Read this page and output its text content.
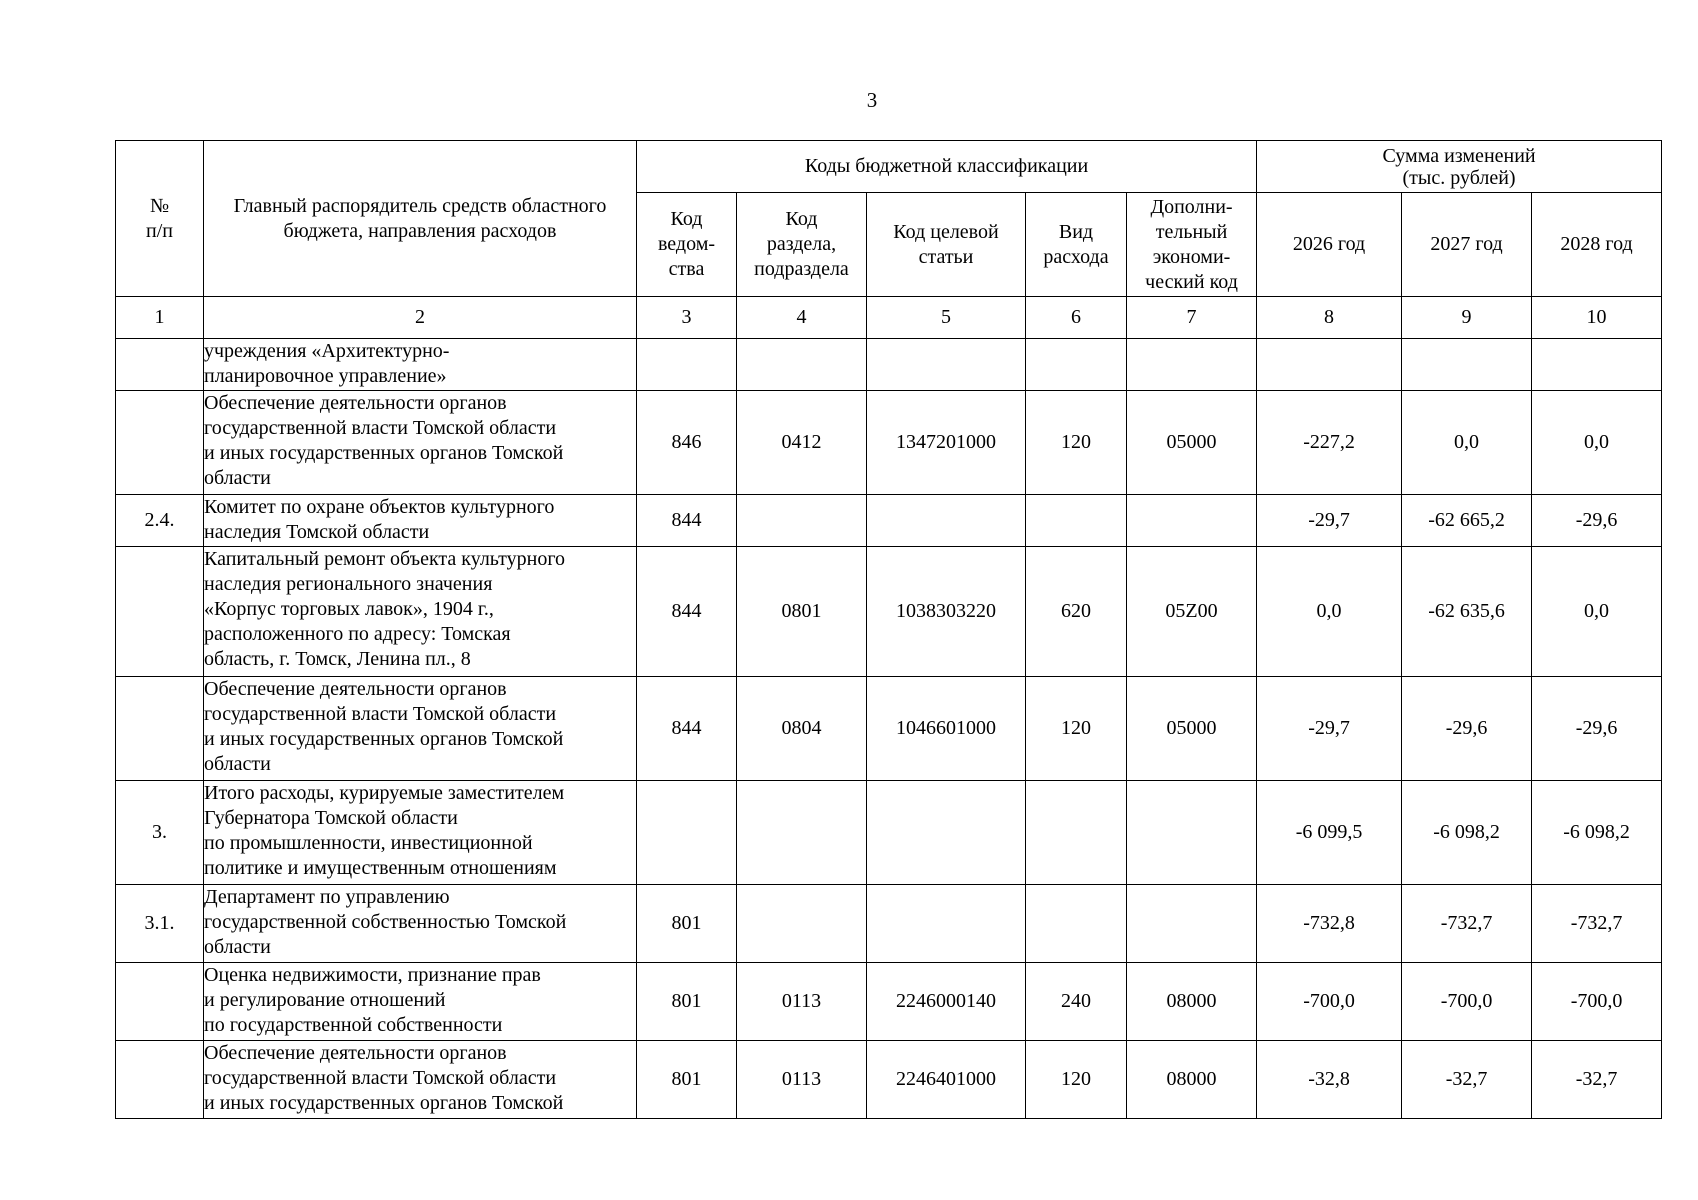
3
№
п/п	Главный распорядитель средств областного бюджета, направления расходов	Коды бюджетной классификации					Сумма изменений
(тыс. рублей)		
		Код
ведом-
ства	Код
раздела,
подраздела	Код целевой
статьи	Вид
расхода	Дополни-
тельный
экономи-
ческий код	2026 год	2027 год	2028 год
1	2	3	4	5	6	7	8	9	10
	учреждения «Архитектурно-
планировочное управление»								
	Обеспечение деятельности органов
государственной власти Томской области
и иных государственных органов Томской
области	846	0412	1347201000	120	05000	-227,2	0,0	0,0
2.4.	Комитет по охране объектов культурного
наследия Томской области	844					-29,7	-62 665,2	-29,6
	Капитальный ремонт объекта культурного
наследия регионального значения
«Корпус торговых лавок», 1904 г.,
расположенного по адресу: Томская
область, г. Томск, Ленина пл., 8	844	0801	1038303220	620	05Z00	0,0	-62 635,6	0,0
	Обеспечение деятельности органов
государственной власти Томской области
и иных государственных органов Томской
области	844	0804	1046601000	120	05000	-29,7	-29,6	-29,6
3.	Итого расходы, курируемые заместителем
Губернатора Томской области
по промышленности, инвестиционной
политике и имущественным отношениям						-6 099,5	-6 098,2	-6 098,2
3.1.	Департамент по управлению
государственной собственностью Томской
области	801					-732,8	-732,7	-732,7
	Оценка недвижимости, признание прав
и регулирование отношений
по государственной собственности	801	0113	2246000140	240	08000	-700,0	-700,0	-700,0
	Обеспечение деятельности органов
государственной власти Томской области
и иных государственных органов Томской	801	0113	2246401000	120	08000	-32,8	-32,7	-32,7
